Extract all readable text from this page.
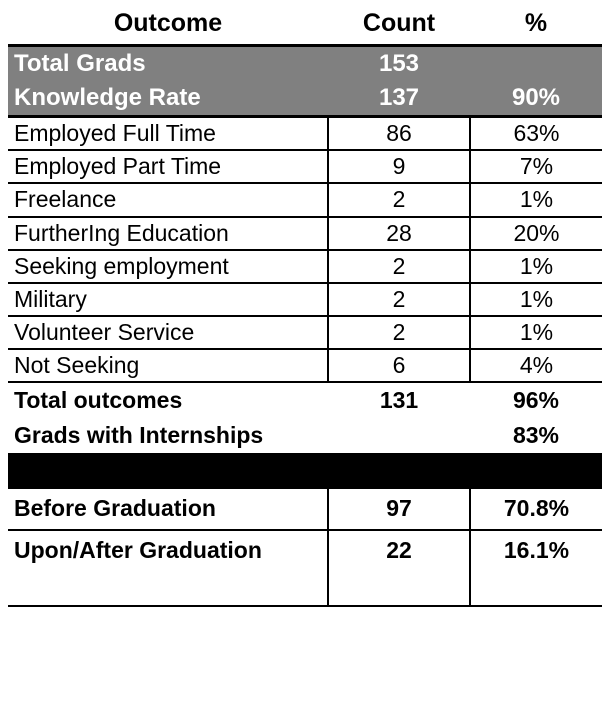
Outcome	Count	%
Total Grads	153	
Knowledge Rate	137	90%
Employed Full Time	86	63%
Employed Part Time	9	7%
Freelance	2	1%
FurtherIng Education	28	20%
Seeking employment	2	1%
Military	2	1%
Volunteer Service	2	1%
Not Seeking	6	4%
Total outcomes	131	96%
Grads with Internships		83%

Before Graduation	97	70.8%
Upon/After Graduation	22	16.1%
